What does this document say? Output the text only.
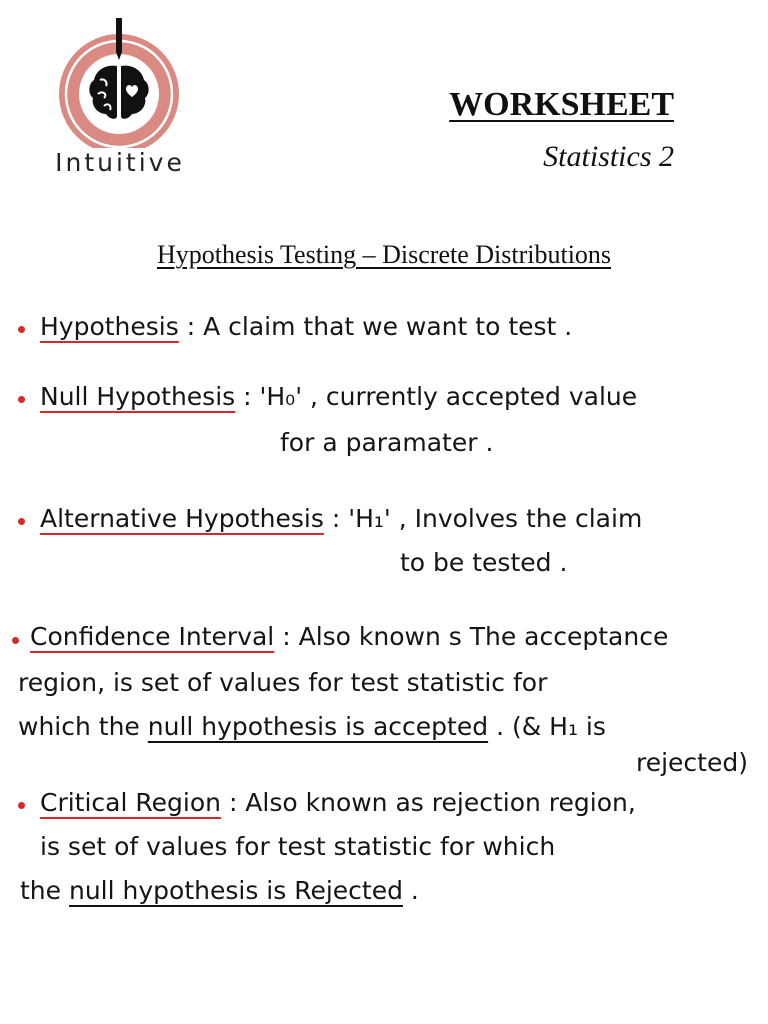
Intuitive
WORKSHEET
Statistics 2
Hypothesis Testing – Discrete Distributions
Hypothesis : A claim that we want to test .
Null Hypothesis : 'H₀' , currently accepted value
for a paramater .
Alternative Hypothesis : 'H₁' , Involves the claim
to be tested .
Confidence Interval : Also known s The acceptance
region, is set of values for test statistic for
which the null hypothesis is accepted . (& H₁ is
rejected)
Critical Region : Also known as rejection region,
is set of values for test statistic for which
the null hypothesis is Rejected .
